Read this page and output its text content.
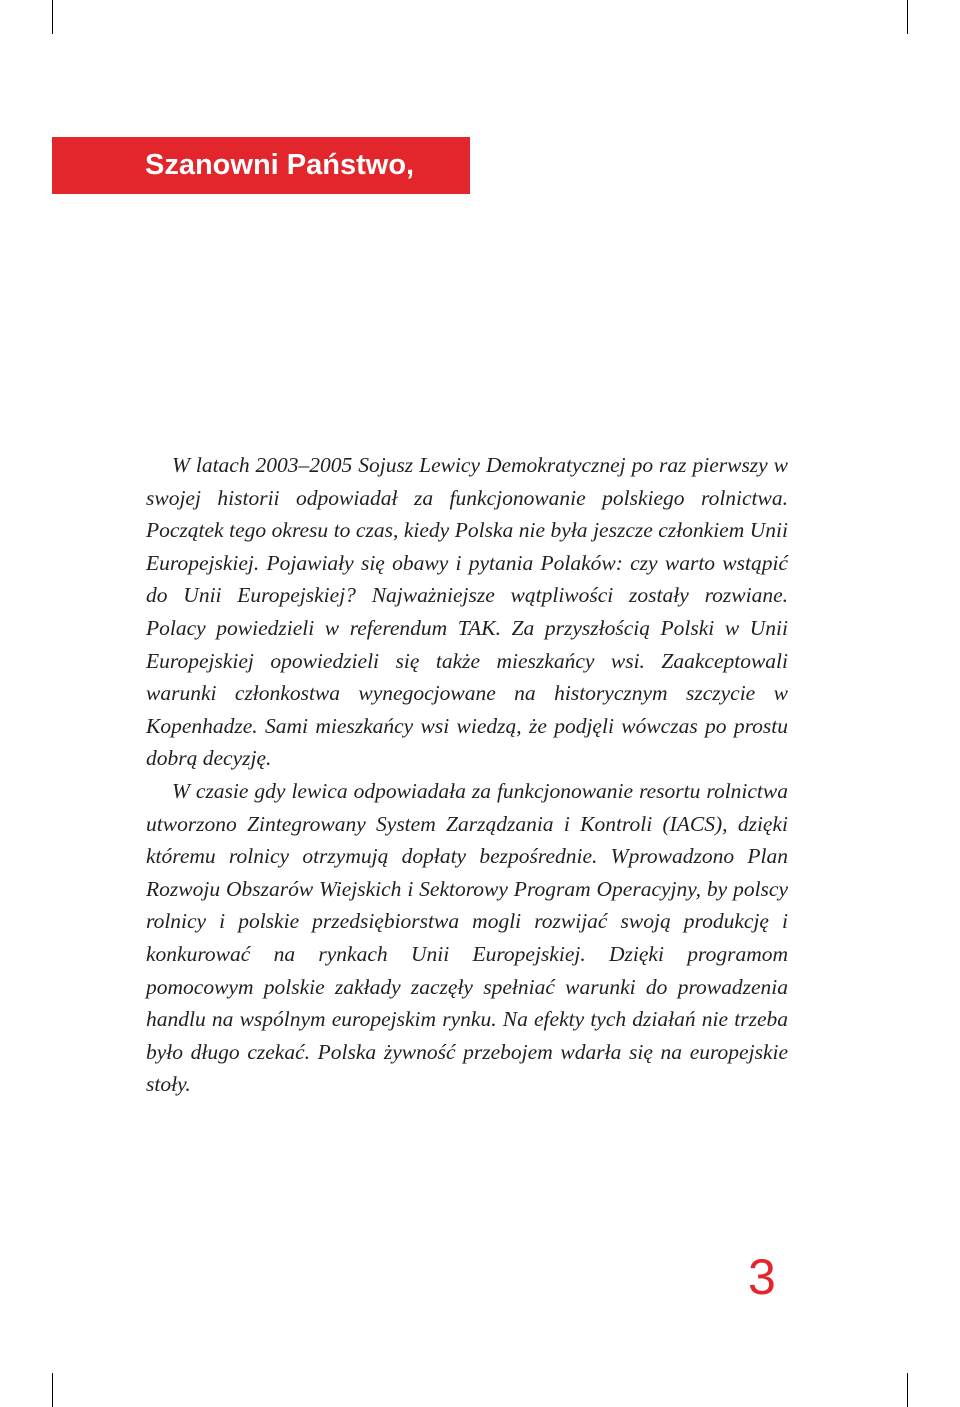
Szanowni Państwo,

W latach 2003–2005 Sojusz Lewicy Demokratycznej po raz pierwszy w swojej historii odpowiadał za funkcjonowanie polskiego rolnictwa. Początek tego okresu to czas, kiedy Polska nie była jeszcze członkiem Unii Europejskiej. Pojawiały się obawy i pytania Polaków: czy warto wstąpić do Unii Europejskiej? Najważniejsze wątpliwości zostały rozwiane. Polacy powiedzieli w referendum TAK. Za przyszłością Polski w Unii Europejskiej opowiedzieli się także mieszkańcy wsi. Zaakceptowali warunki członkostwa wynegocjowane na historycznym szczycie w Kopenhadze. Sami mieszkańcy wsi wiedzą, że podjęli wówczas po prostu dobrą decyzję.

W czasie gdy lewica odpowiadała za funkcjonowanie resortu rolnictwa utworzono Zintegrowany System Zarządzania i Kontroli (IACS), dzięki któremu rolnicy otrzymują dopłaty bezpośrednie. Wprowadzono Plan Rozwoju Obszarów Wiejskich i Sektorowy Program Operacyjny, by polscy rolnicy i polskie przedsiębiorstwa mogli rozwijać swoją produkcję i konkurować na rynkach Unii Europejskiej. Dzięki programom pomocowym polskie zakłady zaczęły spełniać warunki do prowadzenia handlu na wspólnym europejskim rynku. Na efekty tych działań nie trzeba było długo czekać. Polska żywność przebojem wdarła się na europejskie stoły.

3
